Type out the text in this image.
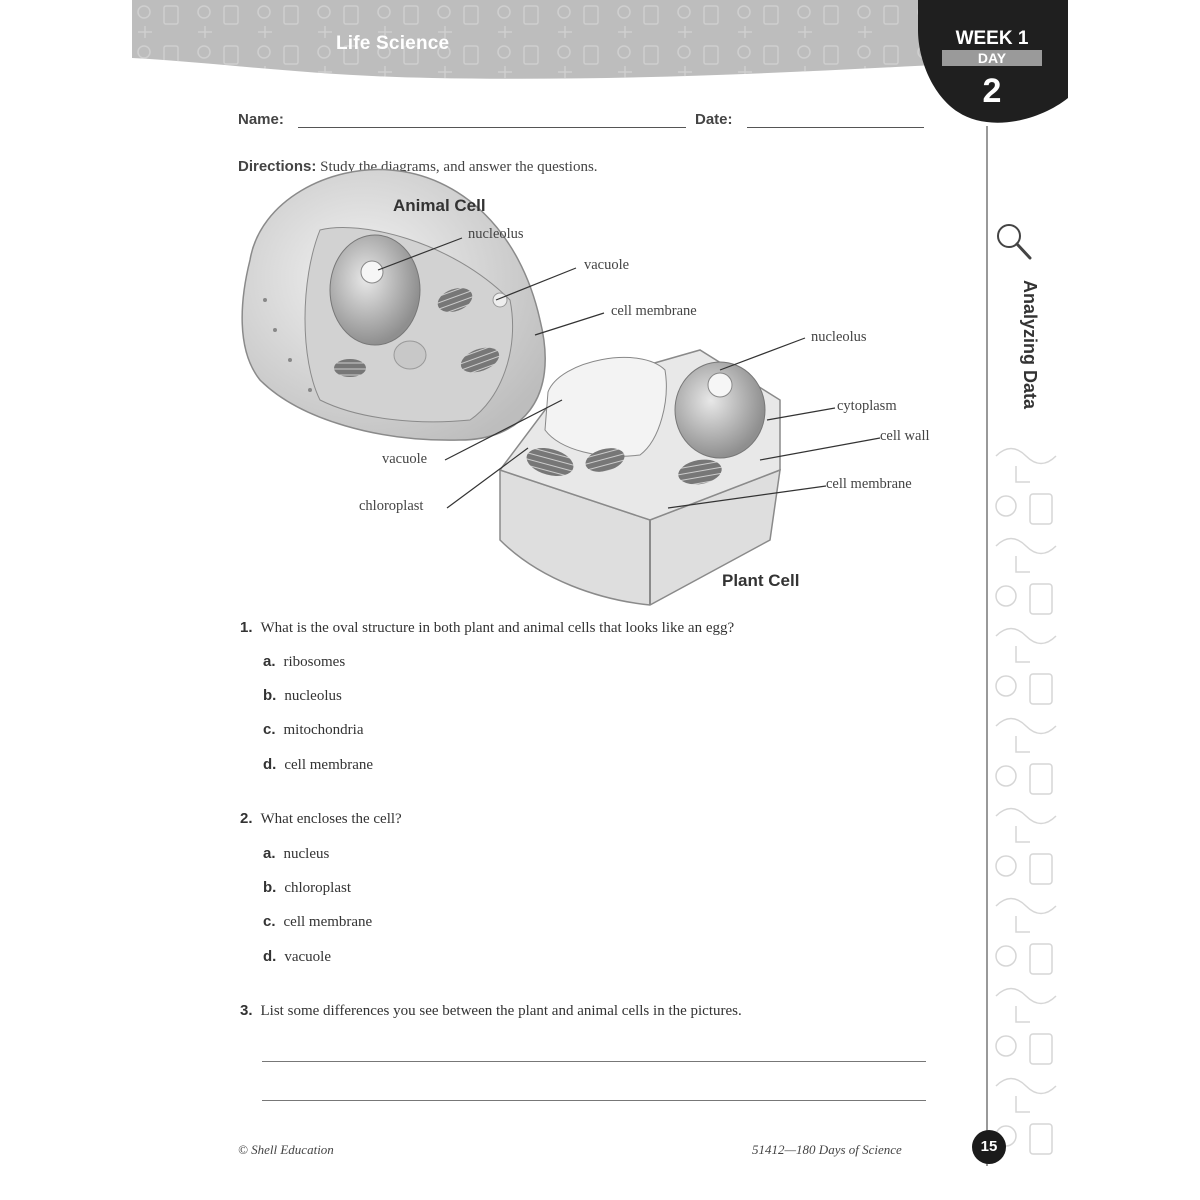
Life Science	WEEK 1
DAY
2
Analyzing Data
Name:	Date:
Directions: Study the diagrams, and answer the questions.
Animal Cell
Plant Cell
nucleolus
vacuole
cell membrane
nucleolus
cytoplasm
cell wall
cell membrane
vacuole
chloroplast
1. What is the oval structure in both plant and animal cells that looks like an egg?
a. ribosomes
b. nucleolus
c. mitochondria
d. cell membrane
2. What encloses the cell?
a. nucleus
b. chloroplast
c. cell membrane
d. vacuole
3. List some differences you see between the plant and animal cells in the pictures.
© Shell Education	51412—180 Days of Science	15
